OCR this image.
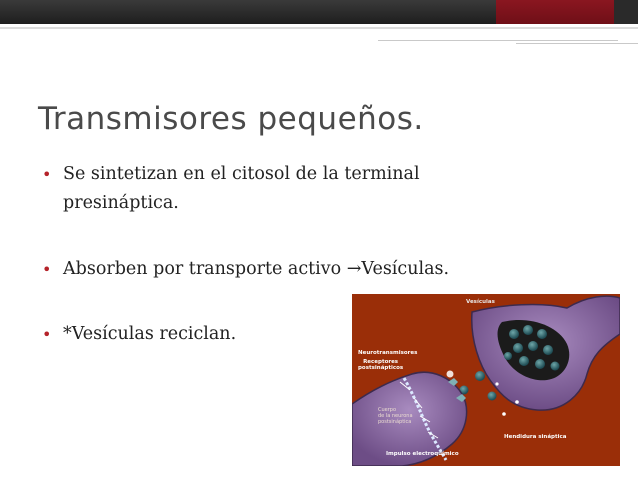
Transmisores pequeños.
• Se sintetizan en el citosol de la terminal
presináptica.
• Absorben por transporte activo →Vesículas.
• *Vesículas reciclan.
Vesículas
Neurotransmisores
Receptores
postsinápticos
Cuerpo
de la neurona
postsináptica
Hendidura sináptica
Impulso electroquímico
